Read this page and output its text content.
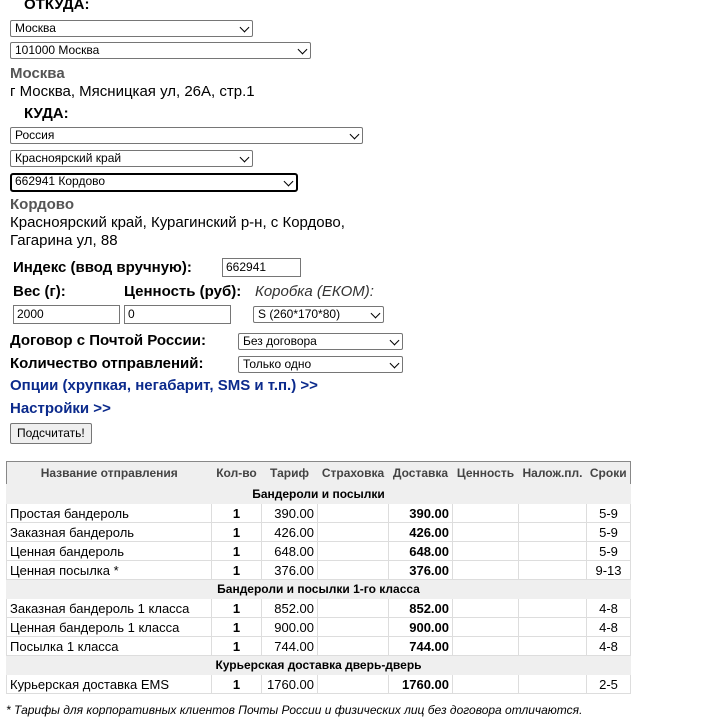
ОТКУДА:
Москва
101000 Москва
Москва
г Москва, Мясницкая ул, 26А, стр.1
КУДА:
Россия
Красноярский край
662941 Кордово
Кордово
Красноярский край, Курагинский р-н, с Кордово,
Гагарина ул, 88
Индекс (ввод вручную):	662941
Вес (г):	Ценность (руб): Коробка (ЕКОМ):
2000	0	S (260*170*80)
Договор с Почтой России:	Без договора
Количество отправлений:	Только одно
Опции (хрупкая, негабарит, SMS и т.п.) >>
Настройки >>
Подсчитать!
Название отправления	Кол-во	Тариф	Страховка	Доставка	Ценность	Налож.пл.	Сроки
Бандероли и посылки							
Простая бандероль	1	390.00		390.00			5-9
Заказная бандероль	1	426.00		426.00			5-9
Ценная бандероль	1	648.00		648.00			5-9
Ценная посылка *	1	376.00		376.00			9-13
Бандероли и посылки 1-го класса							
Заказная бандероль 1 класса	1	852.00		852.00			4-8
Ценная бандероль 1 класса	1	900.00		900.00			4-8
Посылка 1 класса	1	744.00		744.00			4-8
Курьерская доставка дверь-дверь							
Курьерская доставка EMS	1	1760.00		1760.00			2-5
* Тарифы для корпоративных клиентов Почты России и физических лиц без договора отличаются.
